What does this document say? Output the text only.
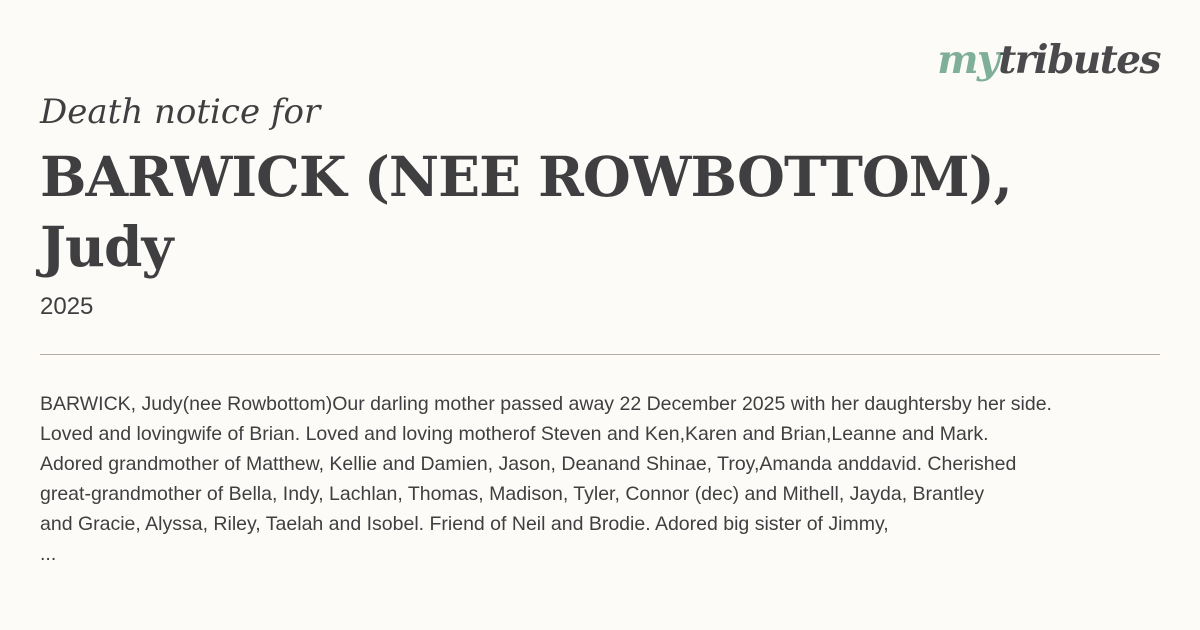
mytributes
Death notice for
BARWICK (NEE ROWBOTTOM),
Judy

2025

BARWICK, Judy(nee Rowbottom)Our darling mother passed away 22 December 2025 with her daughtersby her side.
Loved and lovingwife of Brian. Loved and loving motherof Steven and Ken,Karen and Brian,Leanne and Mark.
Adored grandmother of Matthew, Kellie and Damien, Jason, Deanand Shinae, Troy,Amanda anddavid. Cherished
great-grandmother of Bella, Indy, Lachlan, Thomas, Madison, Tyler, Connor (dec) and Mithell, Jayda, Brantley
and Gracie, Alyssa, Riley, Taelah and Isobel. Friend of Neil and Brodie. Adored big sister of Jimmy,
...
